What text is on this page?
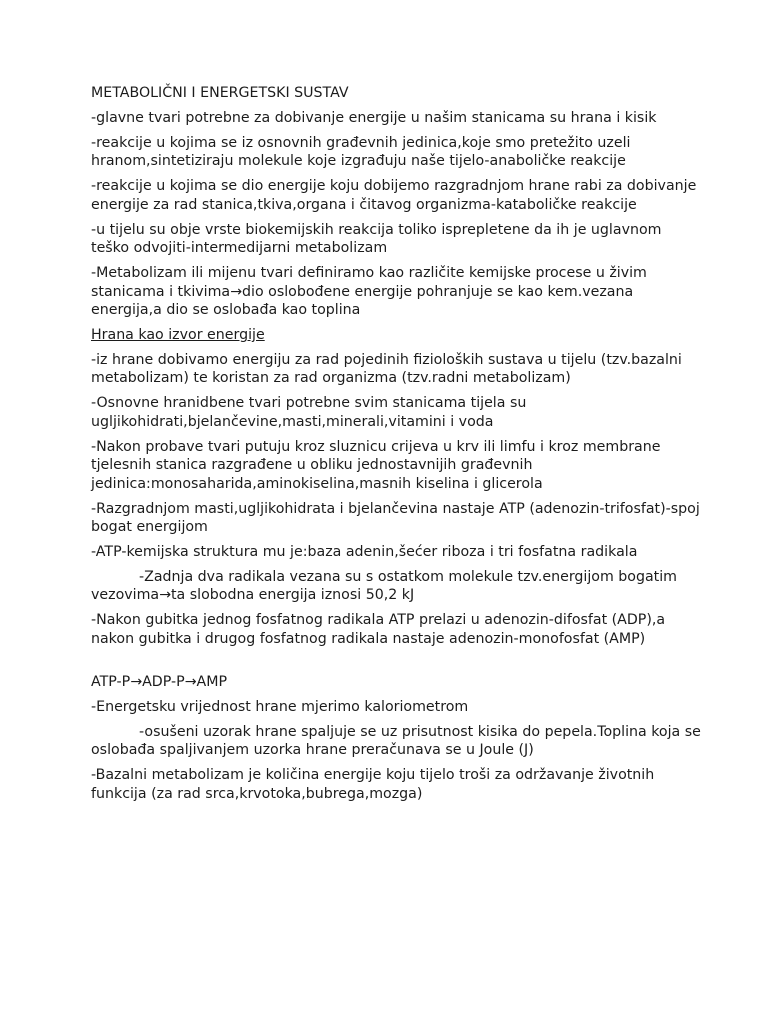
METABOLIČNI I ENERGETSKI SUSTAV

-glavne tvari potrebne za dobivanje energije u našim stanicama su hrana i kisik

-reakcije u kojima se iz osnovnih građevnih jedinica,koje smo pretežito uzeli hranom,sintetiziraju molekule koje izgrađuju naše tijelo-anaboličke reakcije

-reakcije u kojima se dio energije koju dobijemo razgradnjom hrane rabi za dobivanje energije za rad stanica,tkiva,organa i čitavog organizma-kataboličke reakcije

-u tijelu su obje vrste biokemijskih reakcija toliko isprepletene da ih je uglavnom teško odvojiti-intermedijarni metabolizam

-Metabolizam ili mijenu tvari definiramo kao različite kemijske procese u živim stanicama i tkivima→dio oslobođene energije pohranjuje se kao kem.vezana energija,a dio se oslobađa kao toplina

Hrana kao izvor energije

-iz hrane dobivamo energiju za rad pojedinih fizioloških sustava u tijelu (tzv.bazalni metabolizam) te koristan za rad organizma (tzv.radni metabolizam)

-Osnovne hranidbene tvari potrebne svim stanicama tijela su ugljikohidrati,bjelančevine,masti,minerali,vitamini i voda

-Nakon probave tvari putuju kroz sluznicu crijeva u krv ili limfu i kroz membrane tjelesnih stanica razgrađene u obliku jednostavnijih građevnih jedinica:monosaharida,aminokiselina,masnih kiselina i glicerola

-Razgradnjom masti,ugljikohidrata i bjelančevina nastaje ATP (adenozin-trifosfat)-spoj bogat energijom

-ATP-kemijska struktura mu je:baza adenin,šećer riboza i tri fosfatna radikala

-Zadnja dva radikala vezana su s ostatkom molekule tzv.energijom bogatim vezovima→ta slobodna energija iznosi 50,2 kJ

-Nakon gubitka jednog fosfatnog radikala ATP prelazi u adenozin-difosfat (ADP),a nakon gubitka i drugog fosfatnog radikala nastaje adenozin-monofosfat (AMP)

ATP-P→ADP-P→AMP

-Energetsku vrijednost hrane mjerimo kaloriometrom

-osušeni uzorak hrane spaljuje se uz prisutnost kisika do pepela.Toplina koja se oslobađa spaljivanjem uzorka hrane preračunava se u Joule (J)

-Bazalni metabolizam je količina energije koju tijelo troši za održavanje životnih funkcija (za rad srca,krvotoka,bubrega,mozga)
